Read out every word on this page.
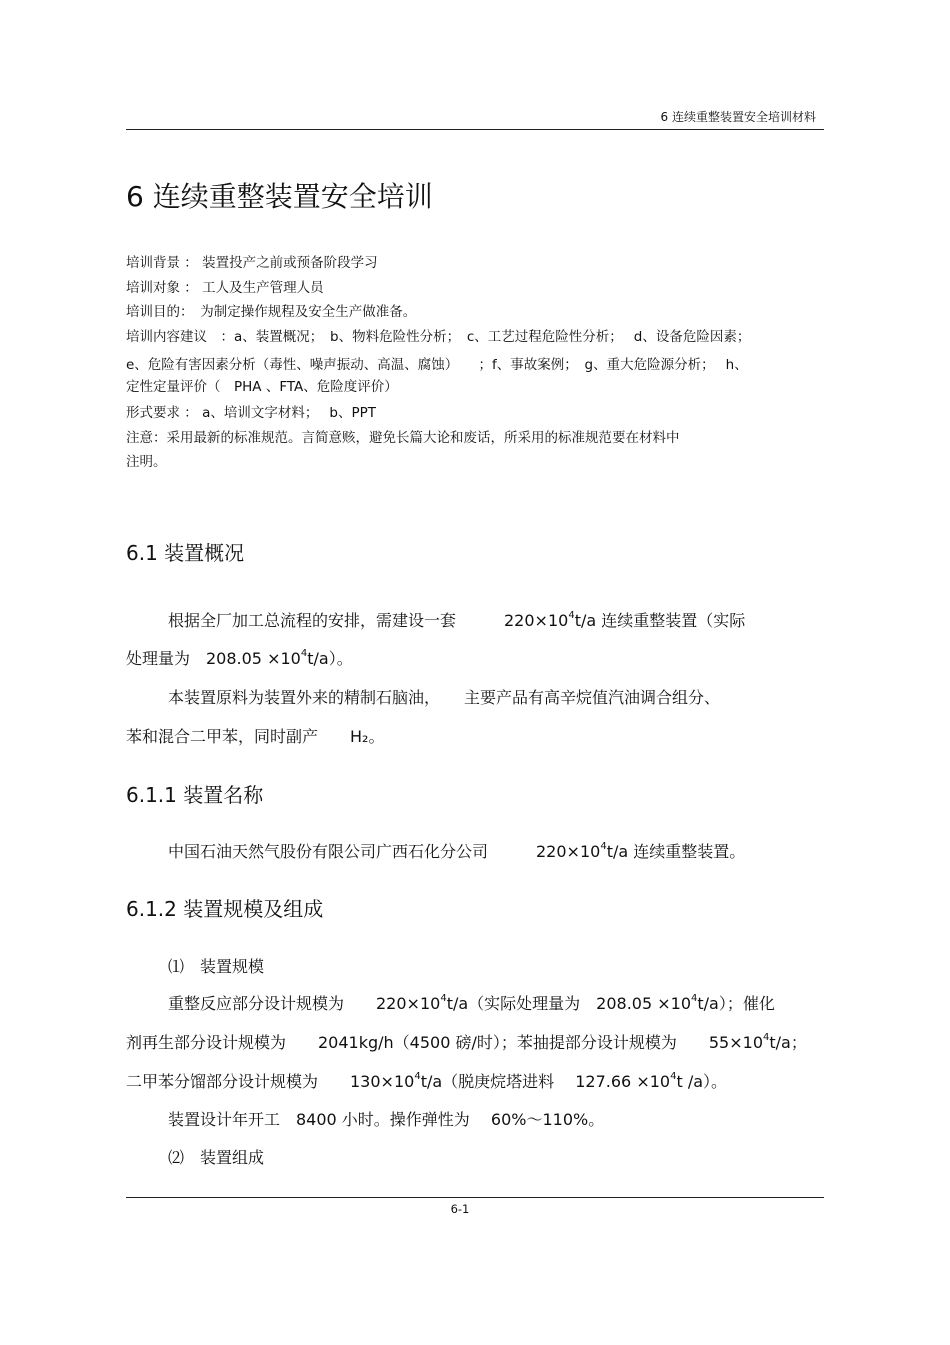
6 连续重整装置安全培训材料
6 连续重整装置安全培训
培训背景 ： 装置投产之前或预备阶段学习
培训对象 ： 工人及生产管理人员
培训目的：　为制定操作规程及安全生产做准备。
培训内容建议　：a、装置概况；　b、物料危险性分析；　c、工艺过程危险性分析；　 d、设备危险因素；
e、危险有害因素分析（毒性、噪声振动、高温、腐蚀）　　；f、事故案例；　g、重大危险源分析；　 h、
定性定量评价（　PHA 、FTA、危险度评价）
形式要求 ： a、培训文字材料；　 b、PPT
注意：采用最新的标准规范。言简意赅，避免长篇大论和废话，所采用的标准规范要在材料中
注明。
6.1 装置概况
根据全厂加工总流程的安排，需建设一套　　　$220\times 10^4t/a$ 连续重整装置（实际
处理量为　$208.05 \times 10^4t/a$）。
本装置原料为装置外来的精制石脑油，　　主要产品有高辛烷值汽油调合组分、
苯和混合二甲苯，同时副产　　H₂。
6.1.1 装置名称
中国石油天然气股份有限公司广西石化分公司　　　$220\times 10^4t/a$ 连续重整装置。
6.1.2 装置规模及组成
⑴　装置规模
重整反应部分设计规模为　　$220\times 10^4t/a$（实际处理量为　$208.05 \times 10^4t/a$）；催化
剂再生部分设计规模为　　2041kg/h（4500 磅/时）；苯抽提部分设计规模为　　$55\times 10^4t/a$；
二甲苯分馏部分设计规模为　　$130\times 10^4t/a$（脱庚烷塔进料　 $127.66 \times 10^4t$ /a）。
装置设计年开工　8400 小时。操作弹性为　 60%～110%。
⑵　装置组成
6-1
